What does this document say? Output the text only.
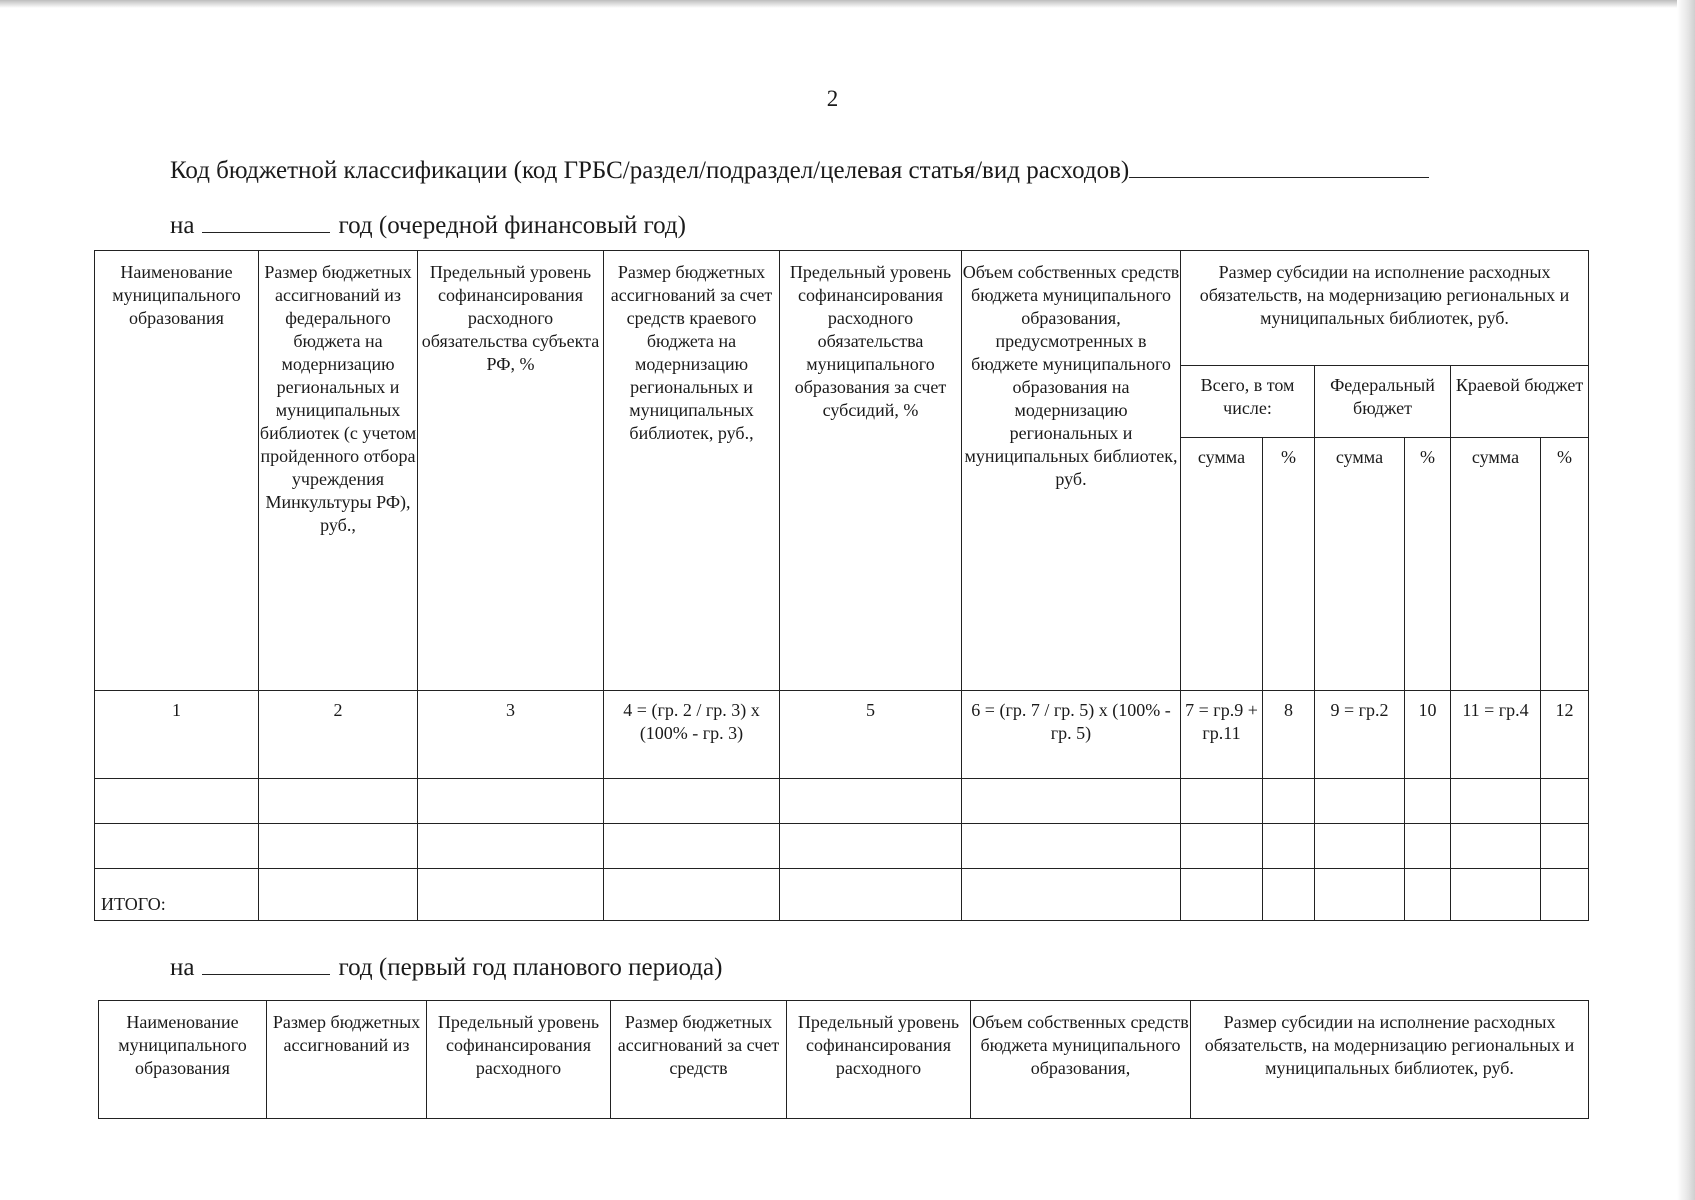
2
Код бюджетной классификации (код ГРБС/раздел/подраздел/целевая статья/вид расходов)
на	год (очередной финансовый год)
Наименование муниципального образования	Размер бюджетных ассигнований из федерального бюджета на модернизацию региональных и муниципальных библиотек (с учетом пройденного отбора учреждения Минкультуры РФ), руб.,	Предельный уровень софинансирования расходного обязательства субъекта РФ, %	Размер бюджетных ассигнований за счет средств краевого бюджета на модернизацию региональных и муниципальных библиотек, руб.,	Предельный уровень софинансирования расходного обязательства муниципального образования за счет субсидий, %	Объем собственных средств бюджета муниципального образования, предусмотренных в бюджете муниципального образования на модернизацию региональных и муниципальных библиотек, руб.	Размер субсидии на исполнение расходных обязательств, на модернизацию региональных и муниципальных библиотек, руб.					
						Всего, в том числе:		Федеральный бюджет		Краевой бюджет	
						сумма	%	сумма	%	сумма	%
1	2	3	4 = (гр. 2 / гр. 3) х (100% - гр. 3)	5	6 = (гр. 7 / гр. 5) х (100% - гр. 5)	7 = гр.9 + гр.11	8	9 = гр.2	10	11 = гр.4	12

ИТОГО:											
на	год (первый год планового периода)
Наименование муниципального образования	Размер бюджетных ассигнований из	Предельный уровень софинансирования расходного	Размер бюджетных ассигнований за счет средств	Предельный уровень софинансирования расходного	Объем собственных средств бюджета муниципального образования,	Размер субсидии на исполнение расходных обязательств, на модернизацию региональных и муниципальных библиотек, руб.
